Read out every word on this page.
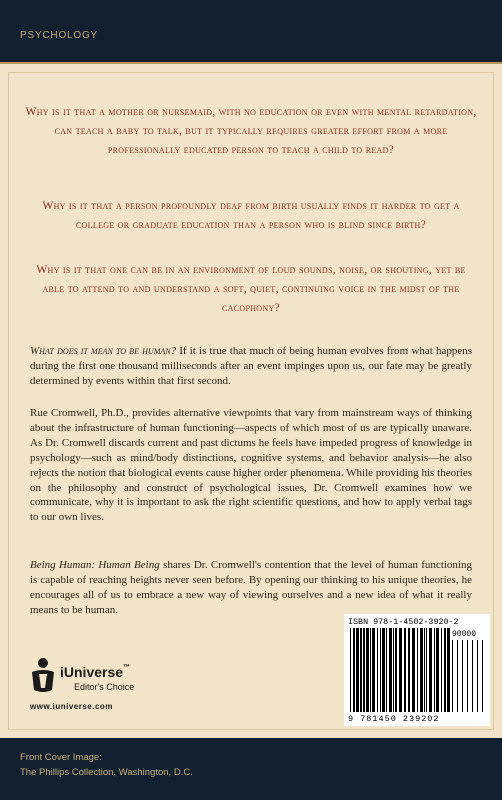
PSYCHOLOGY
Why is it that a mother or nursemaid, with no education or even with mental retardation, can teach a baby to talk, but it typically requires greater effort from a more professionally educated person to teach a child to read?
Why is it that a person profoundly deaf from birth usually finds it harder to get a college or graduate education than a person who is blind since birth?
Why is it that one can be in an environment of loud sounds, noise, or shouting, yet be able to attend to and understand a soft, quiet, continuing voice in the midst of the cacophony?

What does it mean to be human? If it is true that much of being human evolves from what happens during the first one thousand milliseconds after an event impinges upon us, our fate may be greatly determined by events within that first second.

Rue Cromwell, Ph.D., provides alternative viewpoints that vary from mainstream ways of thinking about the infrastructure of human functioning—aspects of which most of us are typically unaware. As Dr. Cromwell discards current and past dictums he feels have impeded progress of knowledge in psychology—such as mind/body distinctions, cognitive systems, and behavior analysis—he also rejects the notion that biological events cause higher order phenomena. While providing his theories on the philosophy and construct of psychological issues, Dr. Cromwell examines how we communicate, why it is important to ask the right scientific questions, and how to apply verbal tags to our own lives.

Being Human: Human Being shares Dr. Cromwell's contention that the level of human functioning is capable of reaching heights never seen before. By opening our thinking to his unique theories, he encourages all of us to embrace a new way of viewing ourselves and a new idea of what it really means to be human.

iUniverse™
Editor's Choice
www.iuniverse.com
ISBN 978-1-4502-3920-2
90000
9 781450 239202
Front Cover Image:
The Phillips Collection, Washington, D.C.
